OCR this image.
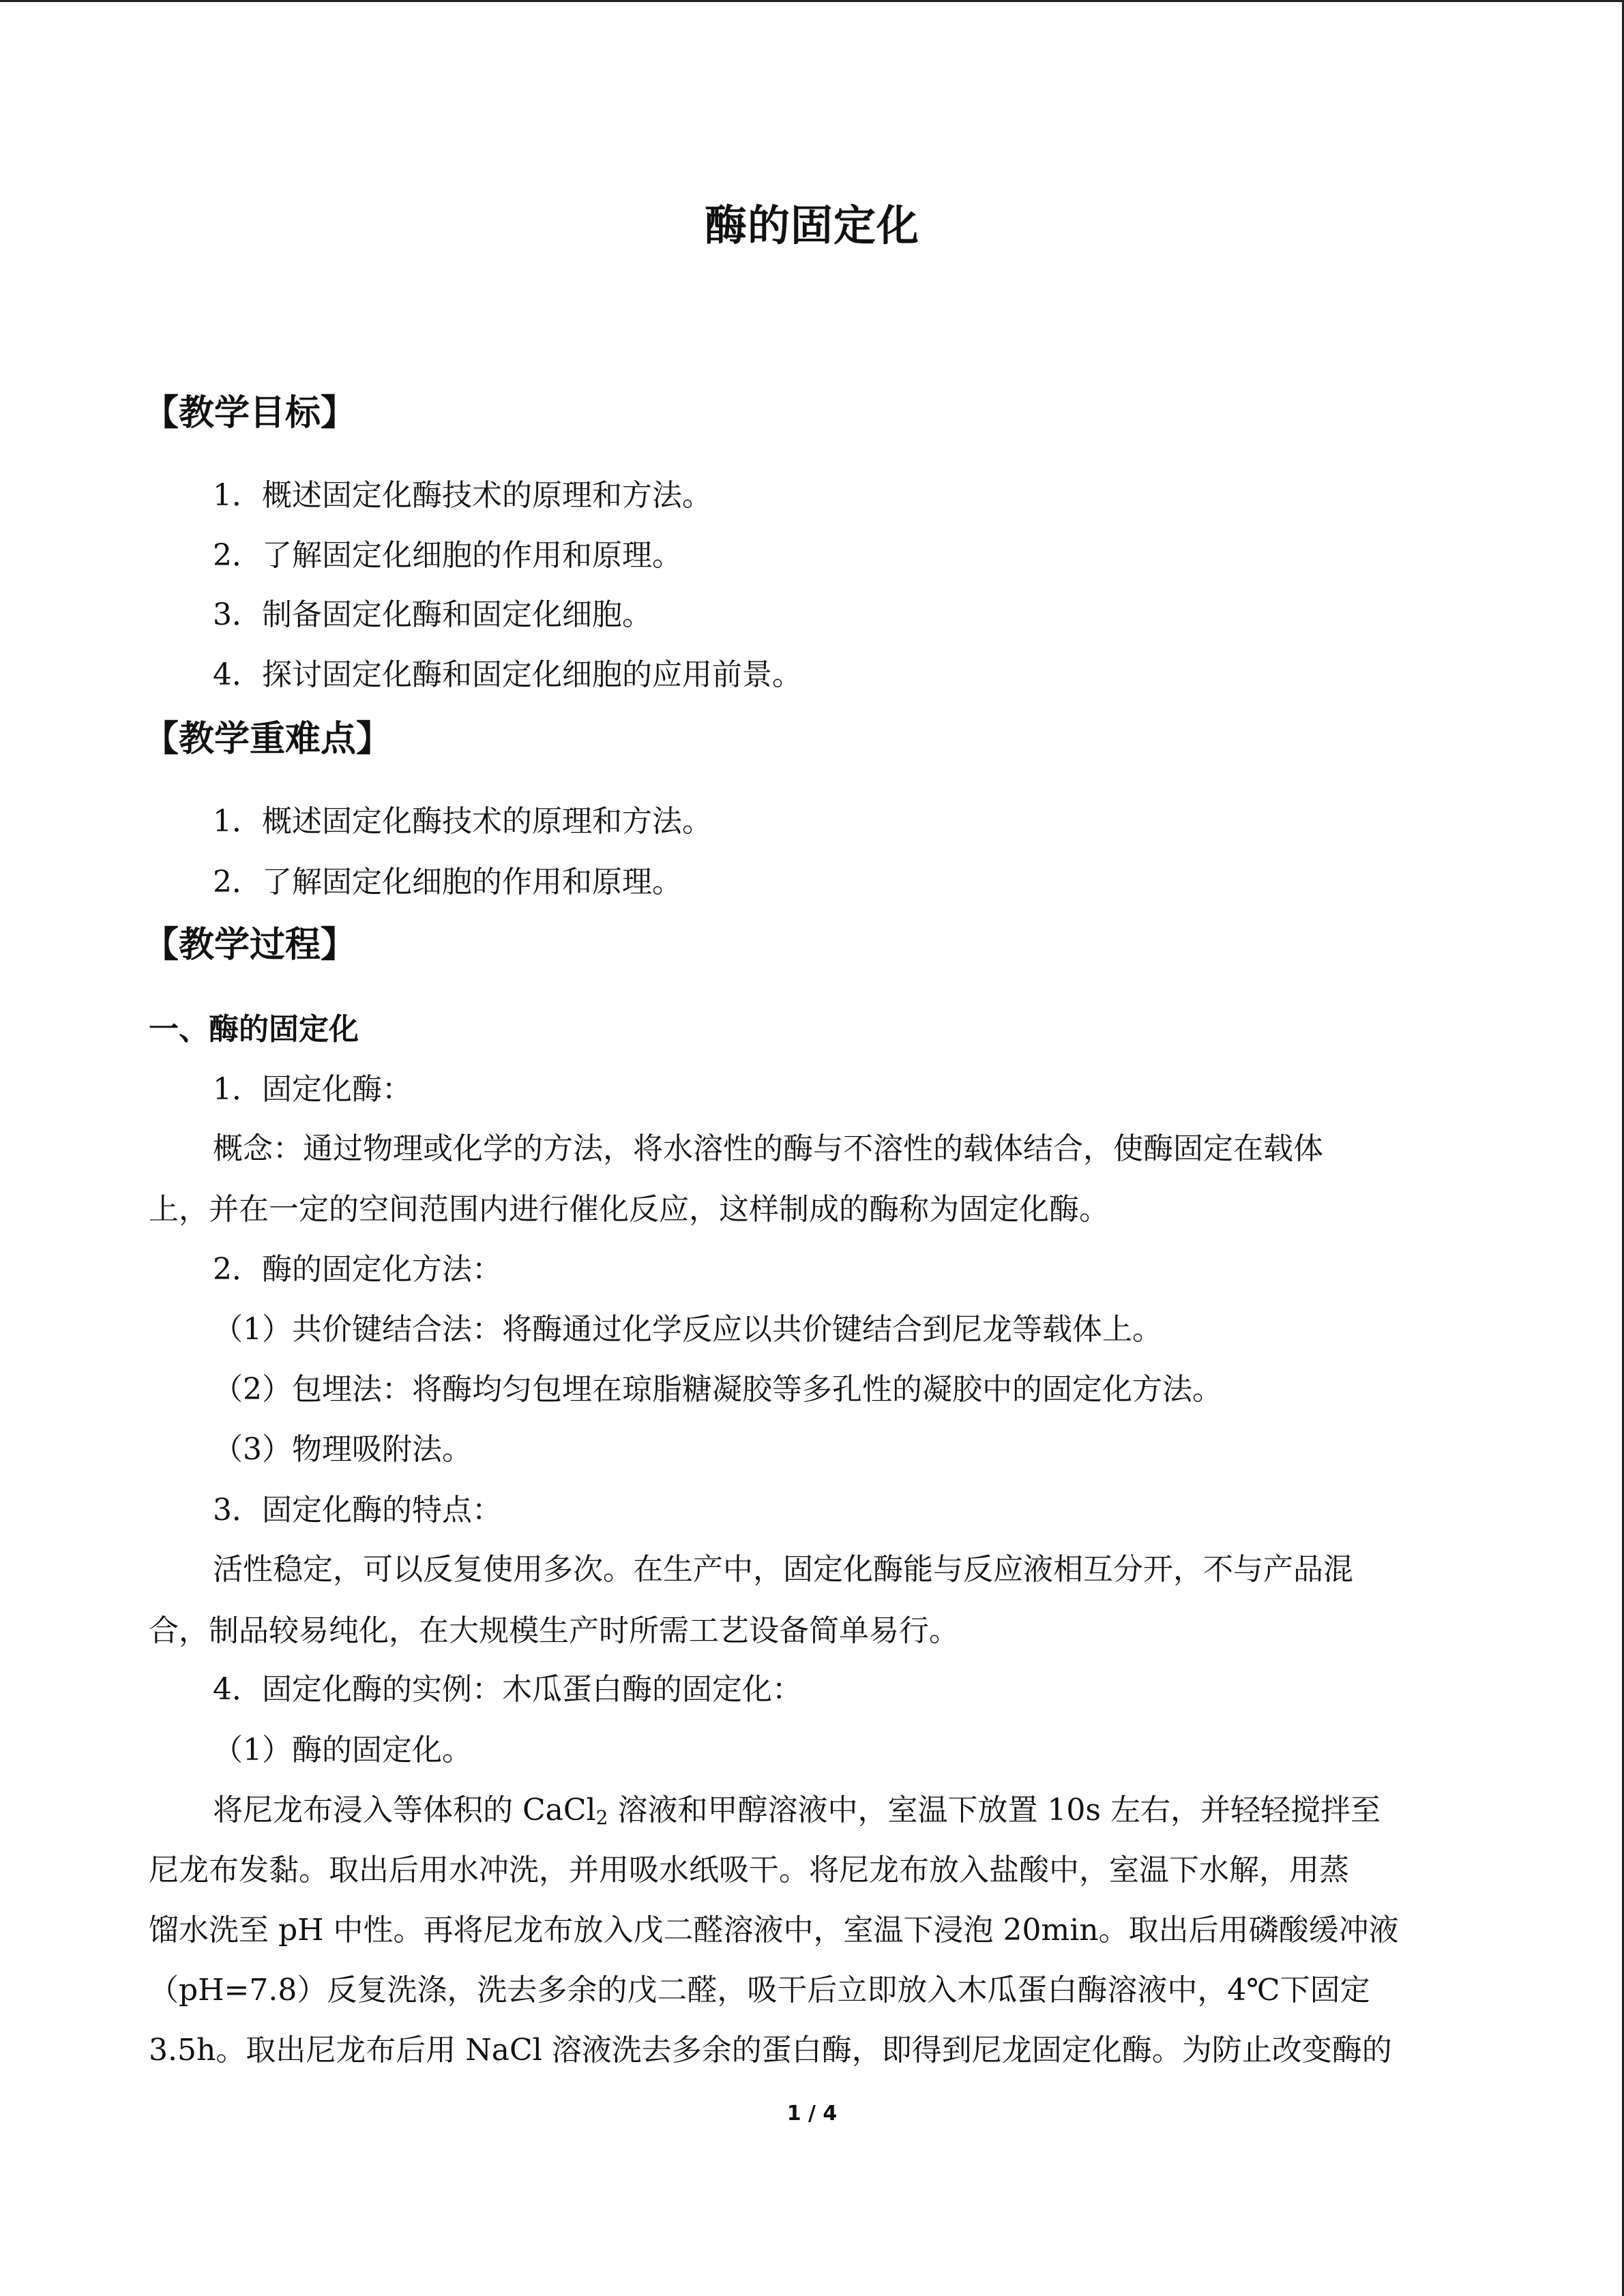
酶的固定化
【教学目标】
1．概述固定化酶技术的原理和方法。
2．了解固定化细胞的作用和原理。
3．制备固定化酶和固定化细胞。
4．探讨固定化酶和固定化细胞的应用前景。
【教学重难点】
1．概述固定化酶技术的原理和方法。
2．了解固定化细胞的作用和原理。
【教学过程】
一、酶的固定化
1．固定化酶：
概念：通过物理或化学的方法，将水溶性的酶与不溶性的载体结合，使酶固定在载体
上，并在一定的空间范围内进行催化反应，这样制成的酶称为固定化酶。
2．酶的固定化方法：
（1）共价键结合法：将酶通过化学反应以共价键结合到尼龙等载体上。
（2）包埋法：将酶均匀包埋在琼脂糖凝胶等多孔性的凝胶中的固定化方法。
（3）物理吸附法。
3．固定化酶的特点：
活性稳定，可以反复使用多次。在生产中，固定化酶能与反应液相互分开，不与产品混
合，制品较易纯化，在大规模生产时所需工艺设备简单易行。
4．固定化酶的实例：木瓜蛋白酶的固定化：
（1）酶的固定化。
将尼龙布浸入等体积的 CaCl$_2$ 溶液和甲醇溶液中，室温下放置 10s 左右，并轻轻搅拌至
尼龙布发黏。取出后用水冲洗，并用吸水纸吸干。将尼龙布放入盐酸中，室温下水解，用蒸
馏水洗至 pH 中性。再将尼龙布放入戊二醛溶液中，室温下浸泡 20min。取出后用磷酸缓冲液
（pH=7.8）反复洗涤，洗去多余的戊二醛，吸干后立即放入木瓜蛋白酶溶液中，4℃下固定
3.5h。取出尼龙布后用 NaCl 溶液洗去多余的蛋白酶，即得到尼龙固定化酶。为防止改变酶的
1 / 4
